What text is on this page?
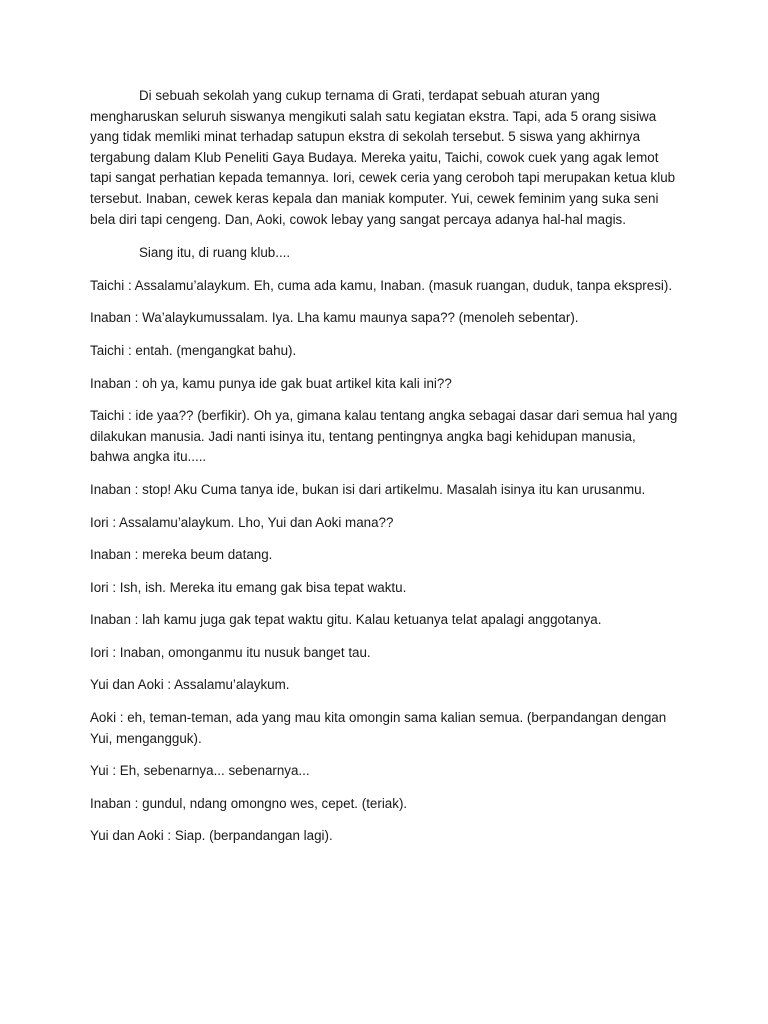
Di sebuah sekolah yang cukup ternama di Grati, terdapat sebuah aturan yang mengharuskan seluruh siswanya mengikuti salah satu kegiatan ekstra. Tapi, ada 5 orang sisiwa yang tidak memliki minat terhadap satupun ekstra di sekolah tersebut. 5 siswa yang akhirnya tergabung dalam Klub Peneliti Gaya Budaya. Mereka yaitu, Taichi, cowok cuek yang agak lemot tapi sangat perhatian kepada temannya. Iori, cewek ceria yang ceroboh tapi merupakan ketua klub tersebut. Inaban, cewek keras kepala dan maniak komputer. Yui, cewek feminim yang suka seni bela diri tapi cengeng. Dan, Aoki, cowok lebay yang sangat percaya adanya hal-hal magis.

Siang itu, di ruang klub....

Taichi : Assalamu’alaykum. Eh, cuma ada kamu, Inaban. (masuk ruangan, duduk, tanpa ekspresi).

Inaban : Wa’alaykumussalam. Iya. Lha kamu maunya sapa?? (menoleh sebentar).

Taichi : entah. (mengangkat bahu).

Inaban : oh ya, kamu punya ide gak buat artikel kita kali ini??

Taichi : ide yaa?? (berfikir). Oh ya, gimana kalau tentang angka sebagai dasar dari semua hal yang dilakukan manusia. Jadi nanti isinya itu, tentang pentingnya angka bagi kehidupan manusia, bahwa angka itu.....

Inaban : stop! Aku Cuma tanya ide, bukan isi dari artikelmu. Masalah isinya itu kan urusanmu.

Iori : Assalamu’alaykum. Lho, Yui dan Aoki mana??

Inaban : mereka beum datang.

Iori : Ish, ish. Mereka itu emang gak bisa tepat waktu.

Inaban : lah kamu juga gak tepat waktu gitu. Kalau ketuanya telat apalagi anggotanya.

Iori : Inaban, omonganmu itu nusuk banget tau.

Yui dan Aoki : Assalamu’alaykum.

Aoki : eh, teman-teman, ada yang mau kita omongin sama kalian semua. (berpandangan dengan Yui, mengangguk).

Yui : Eh, sebenarnya... sebenarnya...

Inaban : gundul, ndang omongno wes, cepet. (teriak).

Yui dan Aoki : Siap. (berpandangan lagi).
